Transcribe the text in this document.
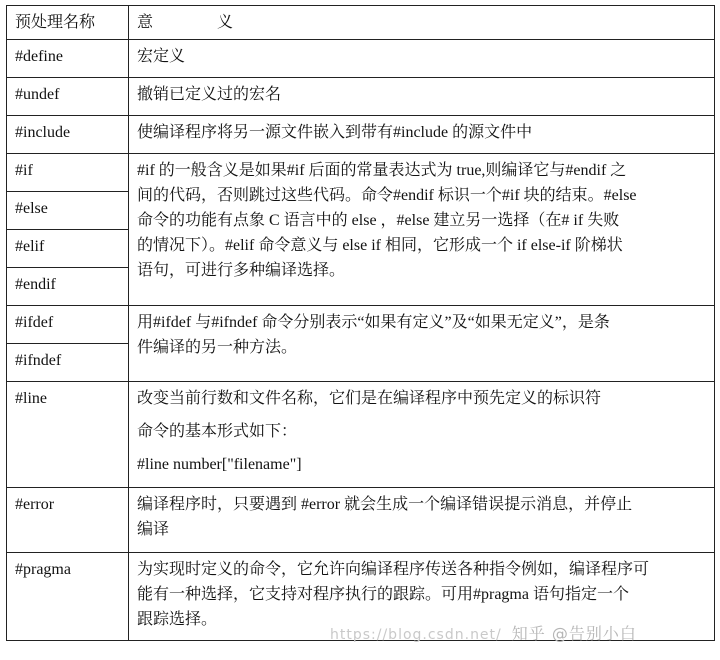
预处理名称	意 义
#define	宏定义

#undef	撤销已定义过的宏名

#include	使编译程序将另一源文件嵌入到带有#include 的源文件中

#if	#if 的一般含义是如果#if 后面的常量表达式为 true,则编译它与#endif 之
间的代码，否则跳过这些代码。命令#endif 标识一个#if 块的结束。#else
命令的功能有点象 C 语言中的 else ，#else 建立另一选择（在# if 失败
的情况下）。#elif 命令意义与 else if 相同，它形成一个 if else-if 阶梯状
语句，可进行多种编译选择。

#else	
#elif	
#endif	
#ifdef	用#ifdef 与#ifndef 命令分别表示“如果有定义”及“如果无定义”，是条
件编译的另一种方法。

#ifndef	
#line	改变当前行数和文件名称，它们是在编译程序中预先定义的标识符
命令的基本形式如下：
#line number["filename"]

#error	编译程序时，只要遇到 #error 就会生成一个编译错误提示消息，并停止
编译

#pragma	为实现时定义的命令，它允许向编译程序传送各种指令例如，编译程序可
能有一种选择，它支持对程序执行的跟踪。可用#pragma 语句指定一个
跟踪选择。
https://blog.csdn.net/ 知乎 @告别小白
